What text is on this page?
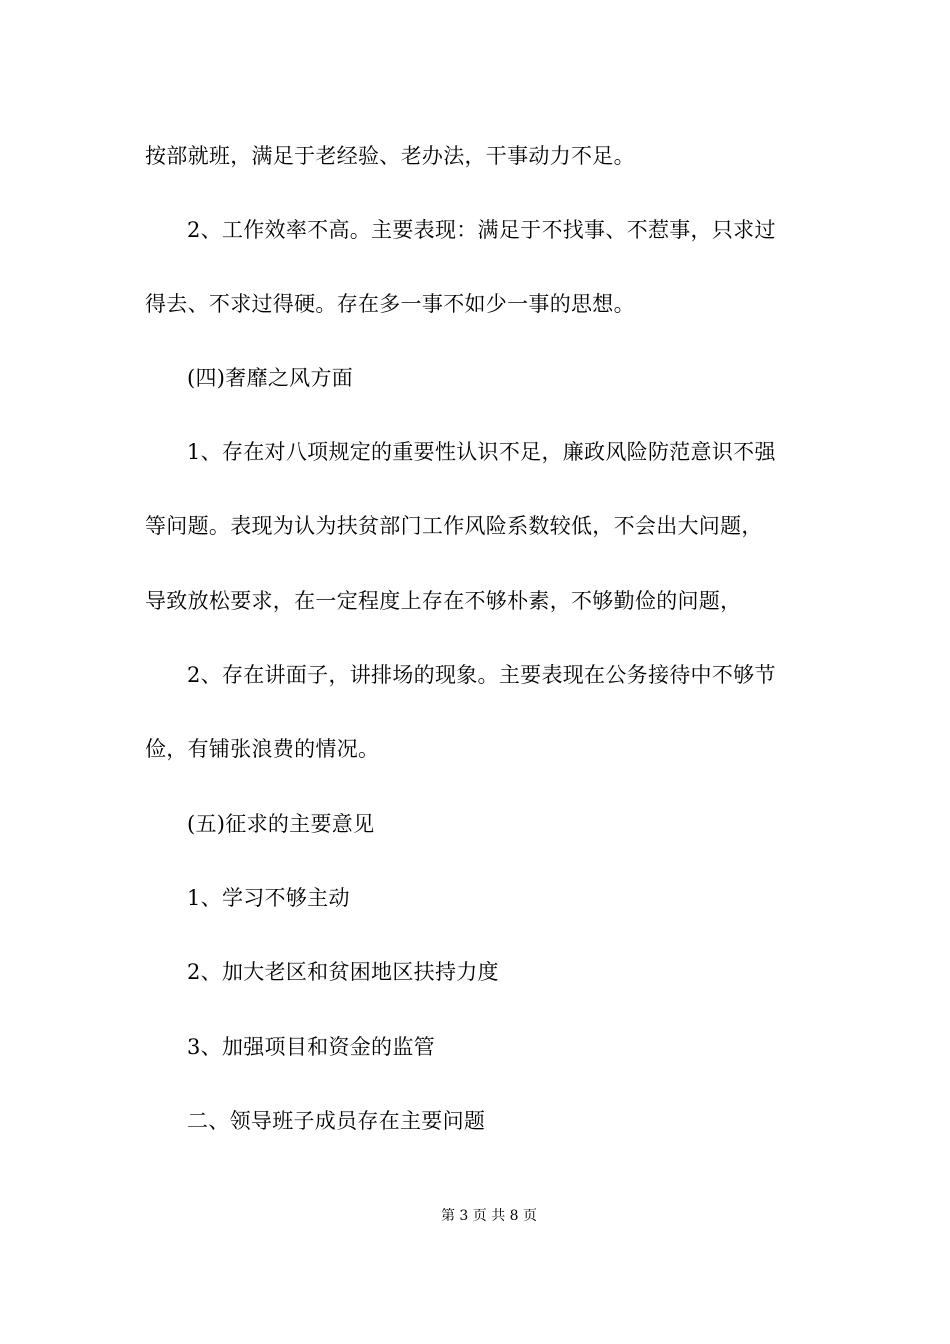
按部就班，满足于老经验、老办法，干事动力不足。
2、工作效率不高。主要表现：满足于不找事、不惹事，只求过
得去、不求过得硬。存在多一事不如少一事的思想。
(四)奢靡之风方面
1、存在对八项规定的重要性认识不足，廉政风险防范意识不强
等问题。表现为认为扶贫部门工作风险系数较低，不会出大问题，
导致放松要求，在一定程度上存在不够朴素，不够勤俭的问题，
2、存在讲面子，讲排场的现象。主要表现在公务接待中不够节
俭，有铺张浪费的情况。
(五)征求的主要意见
1、学习不够主动
2、加大老区和贫困地区扶持力度
3、加强项目和资金的监管
二、领导班子成员存在主要问题
第 3 页 共 8 页
